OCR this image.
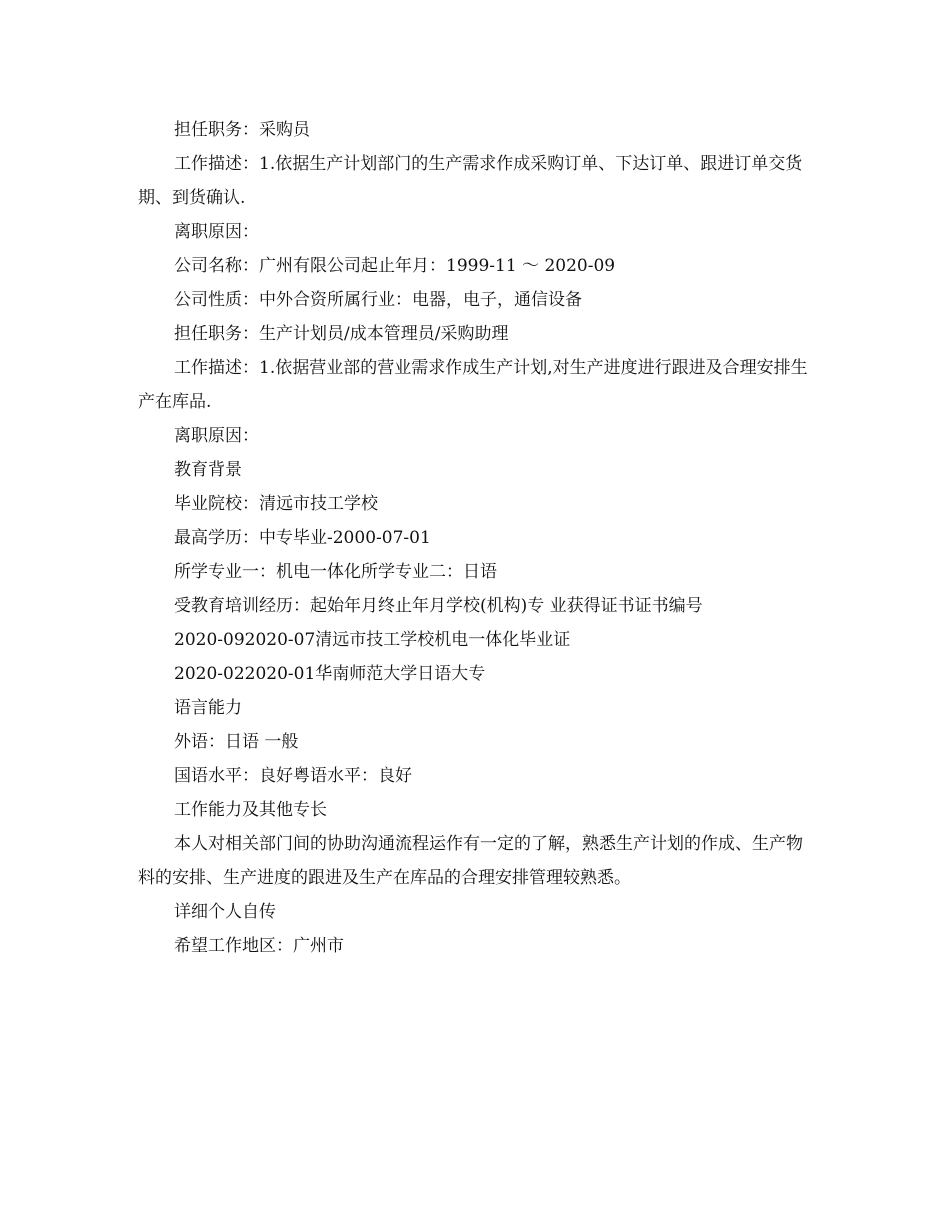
担任职务：采购员

工作描述：1.依据生产计划部门的生产需求作成采购订单、下达订单、跟进订单交货期、到货确认.

离职原因：

公司名称：广州有限公司起止年月：1999-11 ～ 2020-09

公司性质：中外合资所属行业：电器，电子，通信设备

担任职务：生产计划员/成本管理员/采购助理

工作描述：1.依据营业部的营业需求作成生产计划,对生产进度进行跟进及合理安排生产在库品.

离职原因：

教育背景

毕业院校：清远市技工学校

最高学历：中专毕业-2000-07-01

所学专业一：机电一体化所学专业二：日语

受教育培训经历：起始年月终止年月学校(机构)专 业获得证书证书编号

2020-092020-07清远市技工学校机电一体化毕业证

2020-022020-01华南师范大学日语大专

语言能力

外语：日语 一般

国语水平：良好粤语水平：良好

工作能力及其他专长

本人对相关部门间的协助沟通流程运作有一定的了解，熟悉生产计划的作成、生产物料的安排、生产进度的跟进及生产在库品的合理安排管理较熟悉。

详细个人自传

希望工作地区：广州市
